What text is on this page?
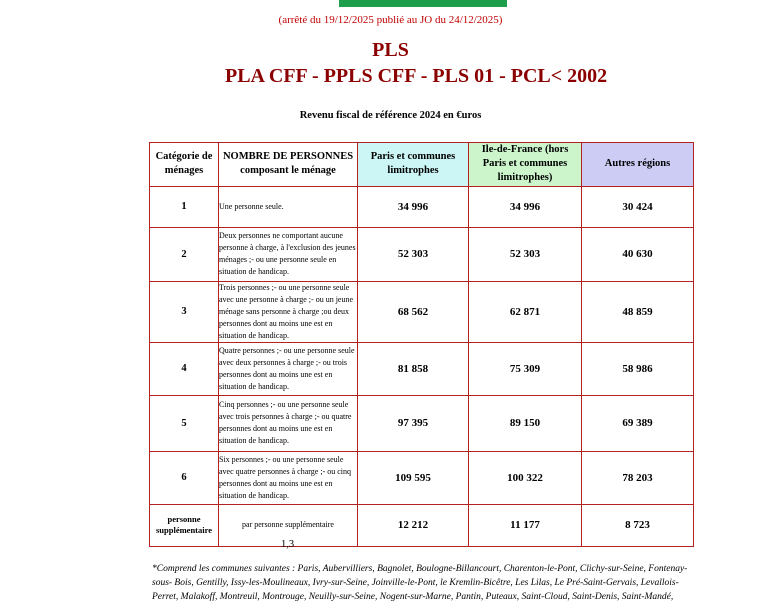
(arrêté du 19/12/2025 publié au JO du 24/12/2025)
PLS
PLA CFF - PPLS CFF - PLS 01 - PCL< 2002
Revenu fiscal de référence 2024 en €uros
Catégorie de ménages	NOMBRE DE PERSONNES composant le ménage	Paris et communes limitrophes	Ile-de-France (hors Paris et communes limitrophes)	Autres régions
1	Une personne seule.	34 996	34 996	30 424
2	Deux personnes ne comportant aucune personne à charge, à l'exclusion des jeunes ménages ;- ou une personne seule en situation de handicap.	52 303	52 303	40 630
3	Trois personnes ;- ou une personne seule avec une personne à charge ;- ou un jeune ménage sans personne à charge ;ou deux personnes dont au moins une est en situation de handicap.	68 562	62 871	48 859
4	Quatre personnes ;- ou une personne seule avec deux personnes à charge ;- ou trois personnes dont au moins une est en situation de handicap.	81 858	75 309	58 986
5	Cinq personnes ;- ou une personne seule avec trois personnes à charge ;- ou quatre personnes dont au moins une est en situation de handicap.	97 395	89 150	69 389
6	Six personnes ;- ou une personne seule avec quatre personnes à charge ;- ou cinq personnes dont au moins une est en situation de handicap.	109 595	100 322	78 203
personne supplémentaire	par personne supplémentaire	12 212	11 177	8 723
1,3
*Comprend les communes suivantes : Paris, Aubervilliers, Bagnolet, Boulogne-Billancourt, Charenton-le-Pont, Clichy-sur-Seine, Fontenay-sous- Bois, Gentilly, Issy-les-Moulineaux, Ivry-sur-Seine, Joinville-le-Pont, le Kremlin-Bicêtre, Les Lilas, Le Pré-Saint-Gervais, Levallois-Perret, Malakoff, Montreuil, Montrouge, Neuilly-sur-Seine, Nogent-sur-Marne, Pantin, Puteaux, Saint-Cloud, Saint-Denis, Saint-Mandé,
